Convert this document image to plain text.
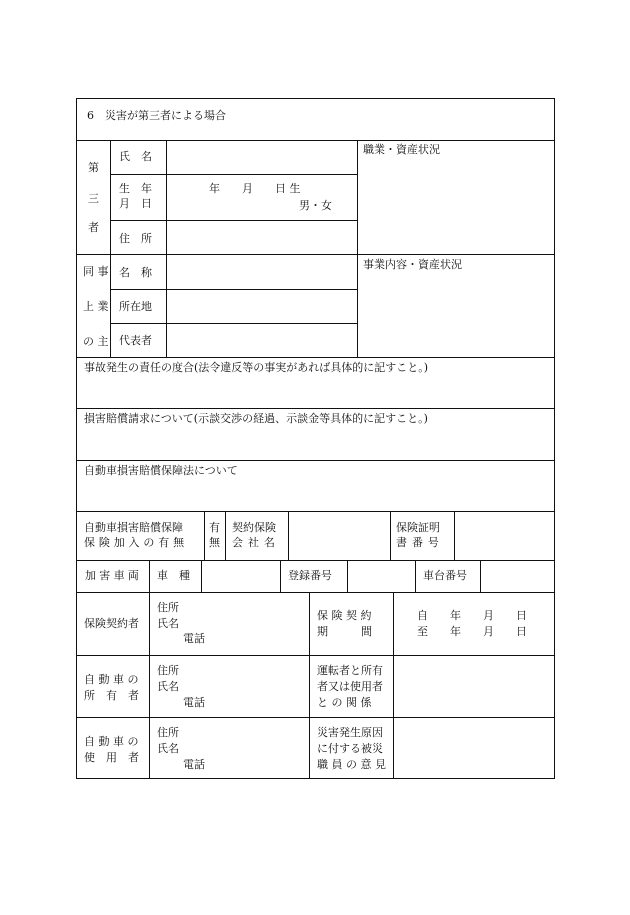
6　災害が第三者による場合
第
三
者
氏　名
生　年
月　日
年　　月　　日 生
男・女
住　所
職業・資産状況
同 事
上 業
の 主
名　称
所在地
代表者
事業内容・資産状況
事故発生の責任の度合(法令違反等の事実があれば具体的に記すこと。)
損害賠償請求について(示談交渉の経過、示談金等具体的に記すこと。)
自動車損害賠償保障法について
自動車損害賠償保障
保険加入の有無
有
無
契約保険
会社名
保険証明
書番号
加害車両 車　種	登録番号	車台番号
保険契約者
住所
氏名
電話
保 険 契 約
期　　　間
自　　年　　月　　日
至　　年　　月　　日
自 動 車 の
所　有　者
住所
氏名
電話
運転者と所有
者又は使用者
と の 関 係
自 動 車 の
使　用　者
住所
氏名
電話
災害発生原因
に付する被災
職 員 の 意 見
